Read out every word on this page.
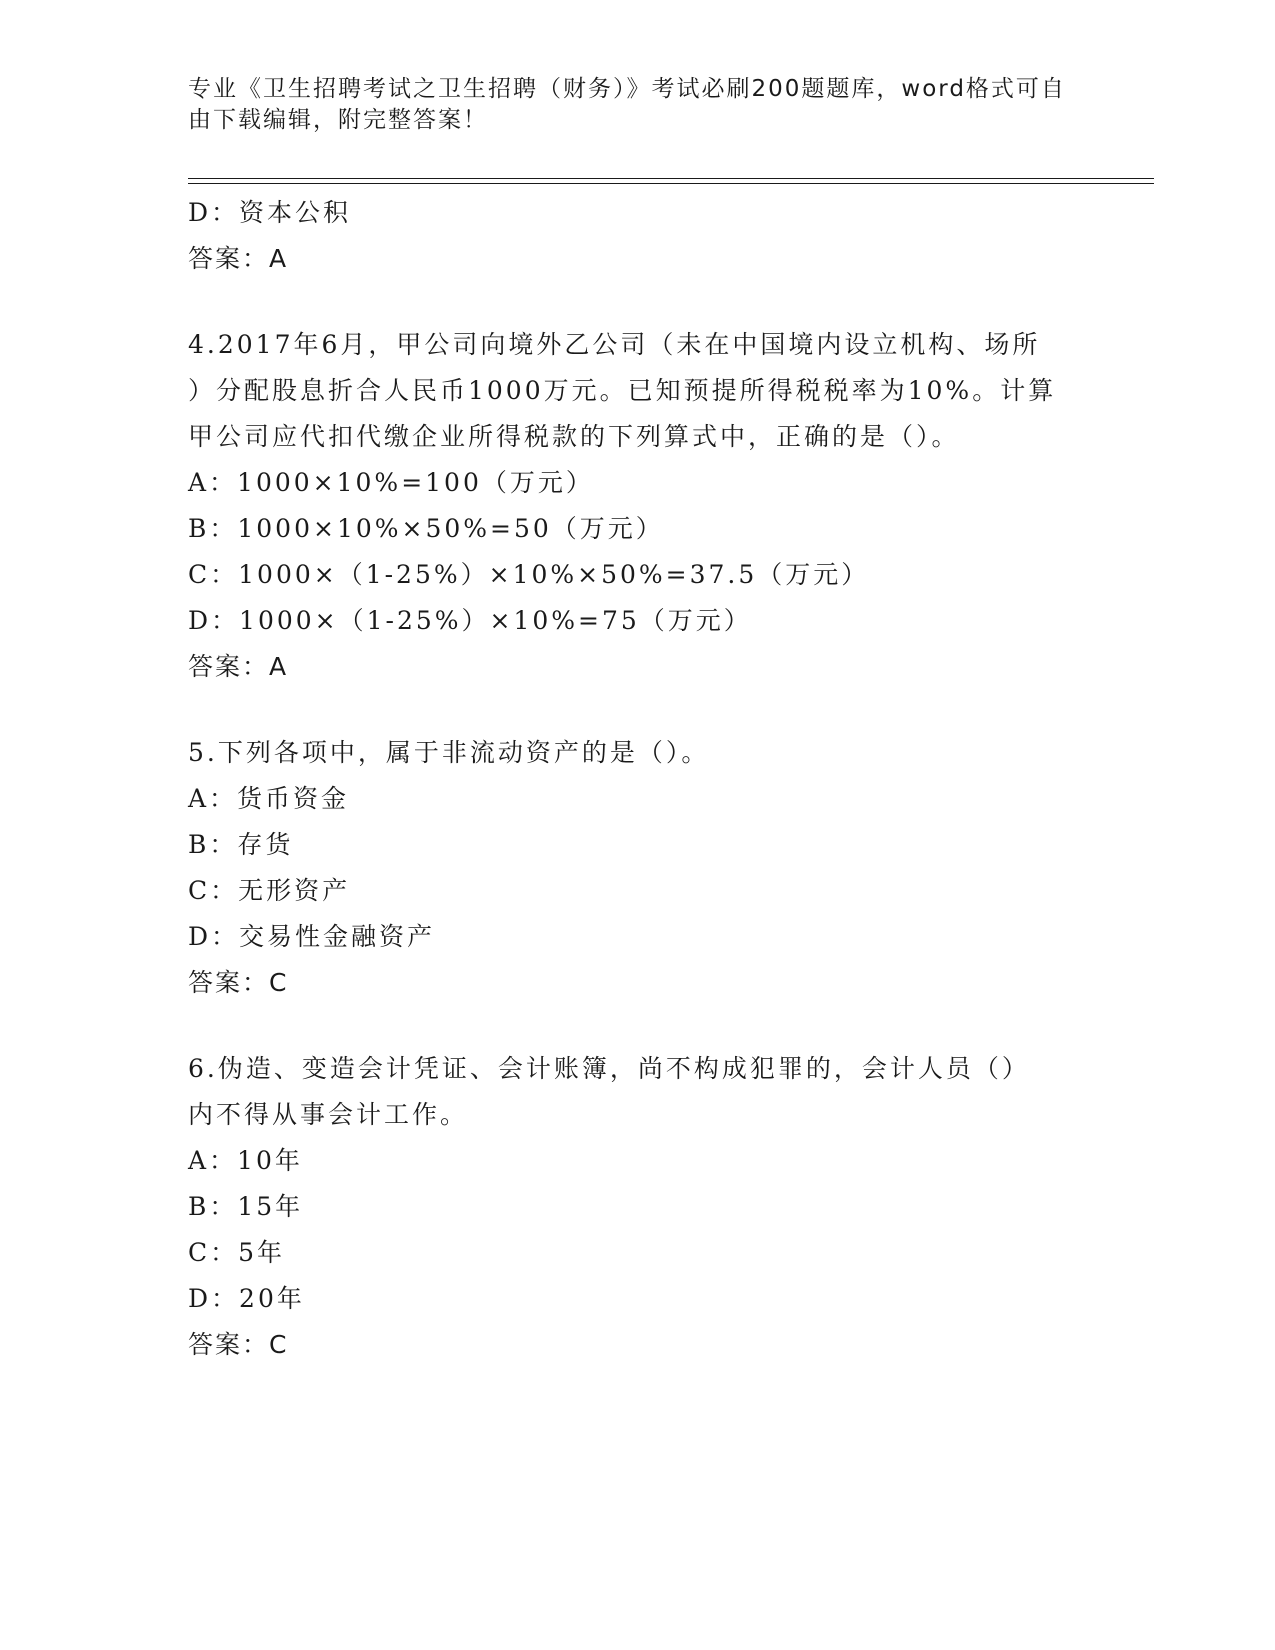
专业《卫生招聘考试之卫生招聘（财务）》考试必刷200题题库，word格式可自
由下载编辑，附完整答案！
D：资本公积
答案：A
4.2017年6月，甲公司向境外乙公司（未在中国境内设立机构、场所
）分配股息折合人民币1000万元。已知预提所得税税率为10%。计算
甲公司应代扣代缴企业所得税款的下列算式中，正确的是（）。
A：1000×10%=100（万元）
B：1000×10%×50%=50（万元）
C：1000×（1-25%）×10%×50%=37.5（万元）
D：1000×（1-25%）×10%=75（万元）
答案：A
5.下列各项中，属于非流动资产的是（）。
A：货币资金
B：存货
C：无形资产
D：交易性金融资产
答案：C
6.伪造、变造会计凭证、会计账簿，尚不构成犯罪的，会计人员（）
内不得从事会计工作。
A：10年
B：15年
C：5年
D：20年
答案：C
